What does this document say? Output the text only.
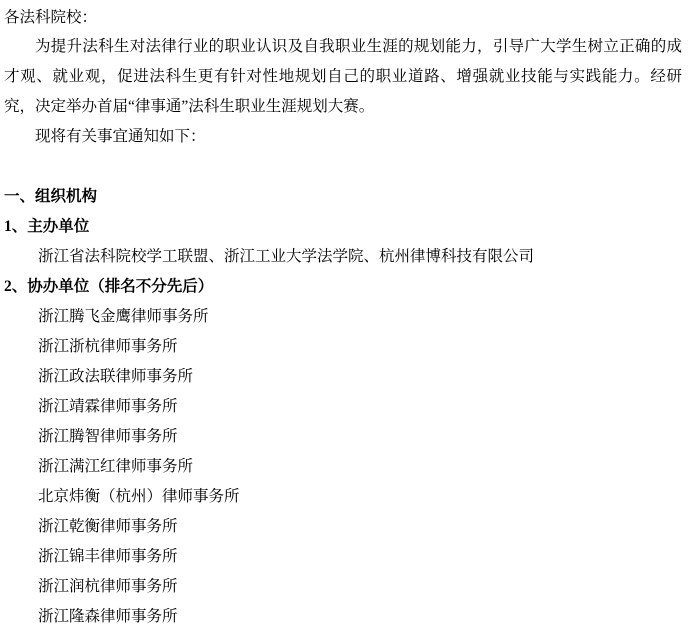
各法科院校：

为提升法科生对法律行业的职业认识及自我职业生涯的规划能力，引导广大学生树立正确的成才观、就业观，促进法科生更有针对性地规划自己的职业道路、增强就业技能与实践能力。经研究，决定举办首届“律事通”法科生职业生涯规划大赛。

现将有关事宜通知如下：

一、组织机构
1、主办单位
浙江省法科院校学工联盟、浙江工业大学法学院、杭州律博科技有限公司
2、协办单位（排名不分先后）
浙江腾飞金鹰律师事务所
浙江浙杭律师事务所
浙江政法联律师事务所
浙江靖霖律师事务所
浙江腾智律师事务所
浙江满江红律师事务所
北京炜衡（杭州）律师事务所
浙江乾衡律师事务所
浙江锦丰律师事务所
浙江润杭律师事务所
浙江隆森律师事务所
